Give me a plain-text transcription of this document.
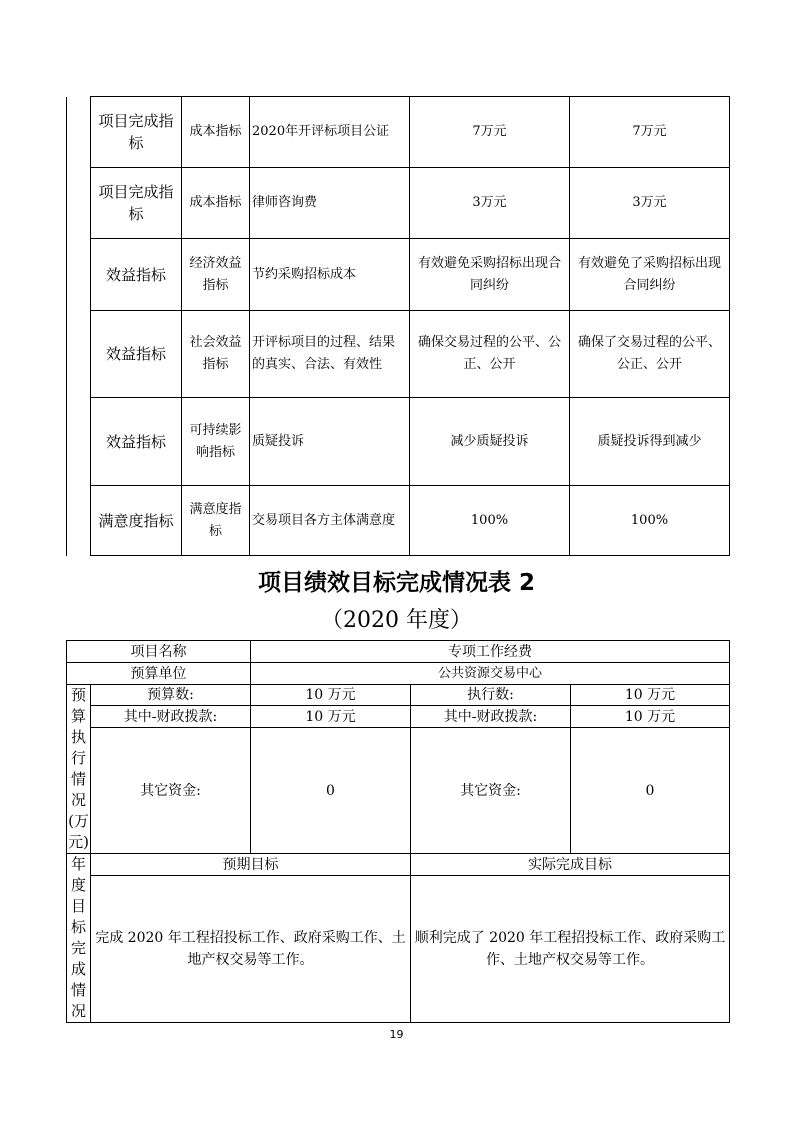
	项目完成指标	成本指标	2020年开评标项目公证	7万元	7万元
	项目完成指标	成本指标	律师咨询费	3万元	3万元
	效益指标	经济效益指标	节约采购招标成本	有效避免采购招标出现合同纠纷	有效避免了采购招标出现合同纠纷
	效益指标	社会效益指标	开评标项目的过程、结果的真实、合法、有效性	确保交易过程的公平、公正、公开	确保了交易过程的公平、公正、公开
	效益指标	可持续影响指标	质疑投诉	减少质疑投诉	质疑投诉得到减少
	满意度指标	满意度指标	交易项目各方主体满意度	100%	100%
项目绩效目标完成情况表 2
（2020 年度）
项目名称		专项工作经费		
预算单位		公共资源交易中心		
预算执行情况(万元)	预算数:	10 万元	执行数:	10 万元
	其中-财政拨款:	10 万元	其中-财政拨款:	10 万元
	其它资金:	0	其它资金:	0
年度目标完成情况	预期目标		实际完成目标	
	完成 2020 年工程招投标工作、政府采购工作、土地产权交易等工作。		顺利完成了 2020 年工程招投标工作、政府采购工作、土地产权交易等工作。	
19
